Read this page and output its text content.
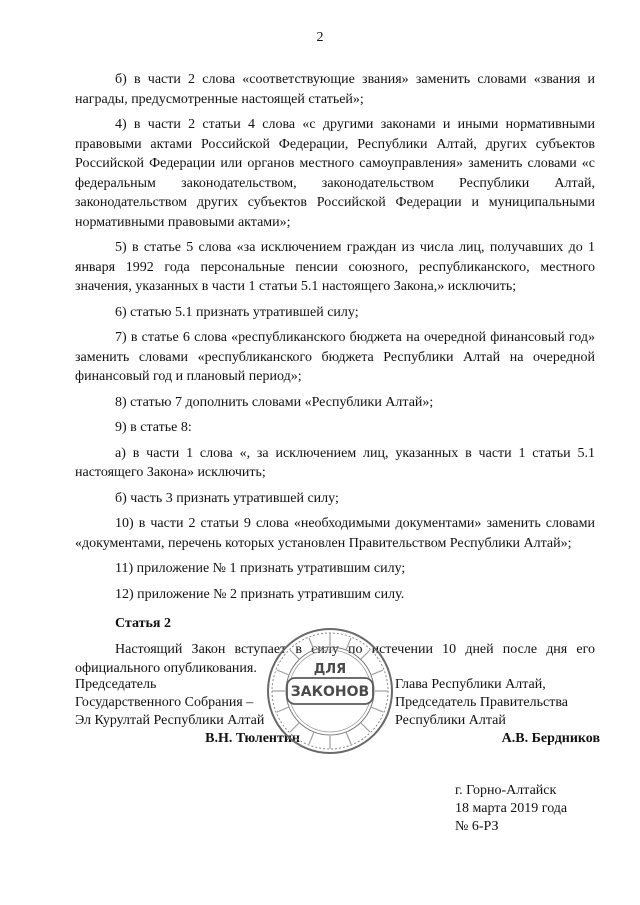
2

б) в части 2 слова «соответствующие звания» заменить словами «звания и награды, предусмотренные настоящей статьей»;

4) в части 2 статьи 4 слова «с другими законами и иными нормативными правовыми актами Российской Федерации, Республики Алтай, других субъектов Российской Федерации или органов местного самоуправления» заменить словами «с федеральным законодательством, законодательством Республики Алтай, законодательством других субъектов Российской Федерации и муниципальными нормативными правовыми актами»;

5) в статье 5 слова «за исключением граждан из числа лиц, получавших до 1 января 1992 года персональные пенсии союзного, республиканского, местного значения, указанных в части 1 статьи 5.1 настоящего Закона,» исключить;

6) статью 5.1 признать утратившей силу;

7) в статье 6 слова «республиканского бюджета на очередной финансовый год» заменить словами «республиканского бюджета Республики Алтай на очередной финансовый год и плановый период»;

8) статью 7 дополнить словами «Республики Алтай»;

9) в статье 8:

а) в части 1 слова «, за исключением лиц, указанных в части 1 статьи 5.1 настоящего Закона» исключить;

б) часть 3 признать утратившей силу;

10) в части 2 статьи 9 слова «необходимыми документами» заменить словами «документами, перечень которых установлен Правительством Республики Алтай»;

11) приложение № 1 признать утратившим силу;

12) приложение № 2 признать утратившим силу.

Статья 2

Настоящий Закон вступает в силу по истечении 10 дней после дня его официального опубликования.

Председатель
Государственного Собрания –
Эл Курултай Республики Алтай
В.Н. Тюлентин
ДЛЯ
ЗАКОНОВ Глава Республики Алтай,
Председатель Правительства
Республики Алтай
А.В. Бердников
г. Горно-Алтайск
18 марта 2019 года
№ 6-РЗ
